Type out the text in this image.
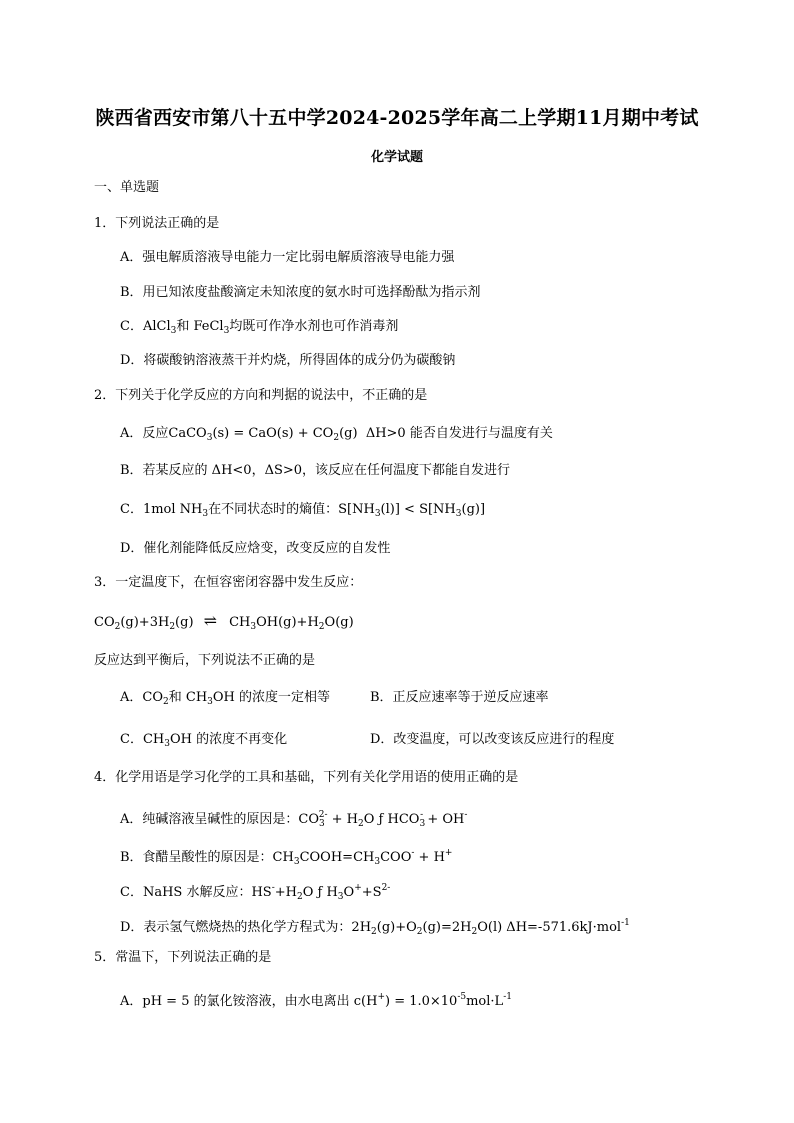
陕西省西安市第八十五中学2024-2025学年高二上学期11月期中考试
化学试题
一、单选题
1．下列说法正确的是
A．强电解质溶液导电能力一定比弱电解质溶液导电能力强
B．用已知浓度盐酸滴定未知浓度的氨水时可选择酚酞为指示剂
C．AlCl$_3$和 FeCl$_3$均既可作净水剂也可作消毒剂
D．将碳酸钠溶液蒸干并灼烧，所得固体的成分仍为碳酸钠
2．下列关于化学反应的方向和判据的说法中，不正确的是
A．反应CaCO$_3$(s) = $CaO(s) + CO_2(g)$ ΔH>0 能否自发进行与温度有关
B．若某反应的 ΔH<0，ΔS>0，该反应在任何温度下都能自发进行
C．1mol $NH_3$在不同状态时的熵值：$S[NH_3(l)] < S[NH_3(g)]$
D．催化剂能降低反应焓变，改变反应的自发性
3．一定温度下，在恒容密闭容器中发生反应：
$CO_2(g)+3H_2(g)$ ⇌ $CH_3OH(g)+H_2O(g)$
反应达到平衡后，下列说法不正确的是
A．$CO_2$和 $CH_3OH$ 的浓度一定相等	B．正反应速率等于逆反应速率
C．$CH_3OH$ 的浓度不再变化	D．改变温度，可以改变该反应进行的程度
4．化学用语是学习化学的工具和基础，下列有关化学用语的使用正确的是
A．纯碱溶液呈碱性的原因是：$CO_3^{2-} + H_2O$ ƒ $HCO_3^- + OH^-$
B．食醋呈酸性的原因是：$CH_3COOH=CH_3COO^- + H^+$
C．NaHS 水解反应：$HS^-+H_2O$ ƒ $H_3O^++S^{2-}$
D．表示氢气燃烧热的热化学方程式为：$2H_2(g)+O_2(g)=2H_2O(l)$ ΔH=-571.6kJ·mol$^{-1}$
5．常温下，下列说法正确的是
A．pH = 5 的氯化铵溶液，由水电离出 $c(H^+) = 1.0\times 10^{-5}mol\cdot L^{-1}$
